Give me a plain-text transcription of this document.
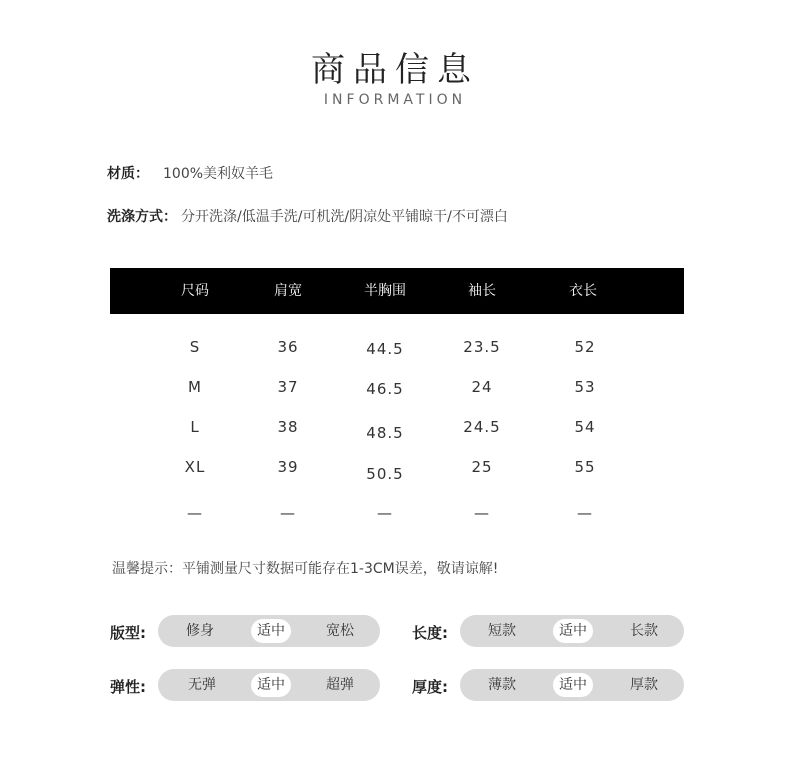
商品信息
INFORMATION
材质： 100%美利奴羊毛
洗涤方式： 分开洗涤/低温手洗/可机洗/阴凉处平铺晾干/不可漂白
尺码	肩宽	半胸围	袖长	衣长
S	36	44.5	23.5	52
M	37	46.5	24	53
L	38	48.5	24.5	54
XL	39	50.5	25	55
—	—	—	—	—
温馨提示：平铺测量尺寸数据可能存在1-3CM误差，敬请谅解!
版型:	修身	适中	宽松	长度:	短款	适中	长款
弹性:	无弹	适中	超弹	厚度:	薄款	适中	厚款
